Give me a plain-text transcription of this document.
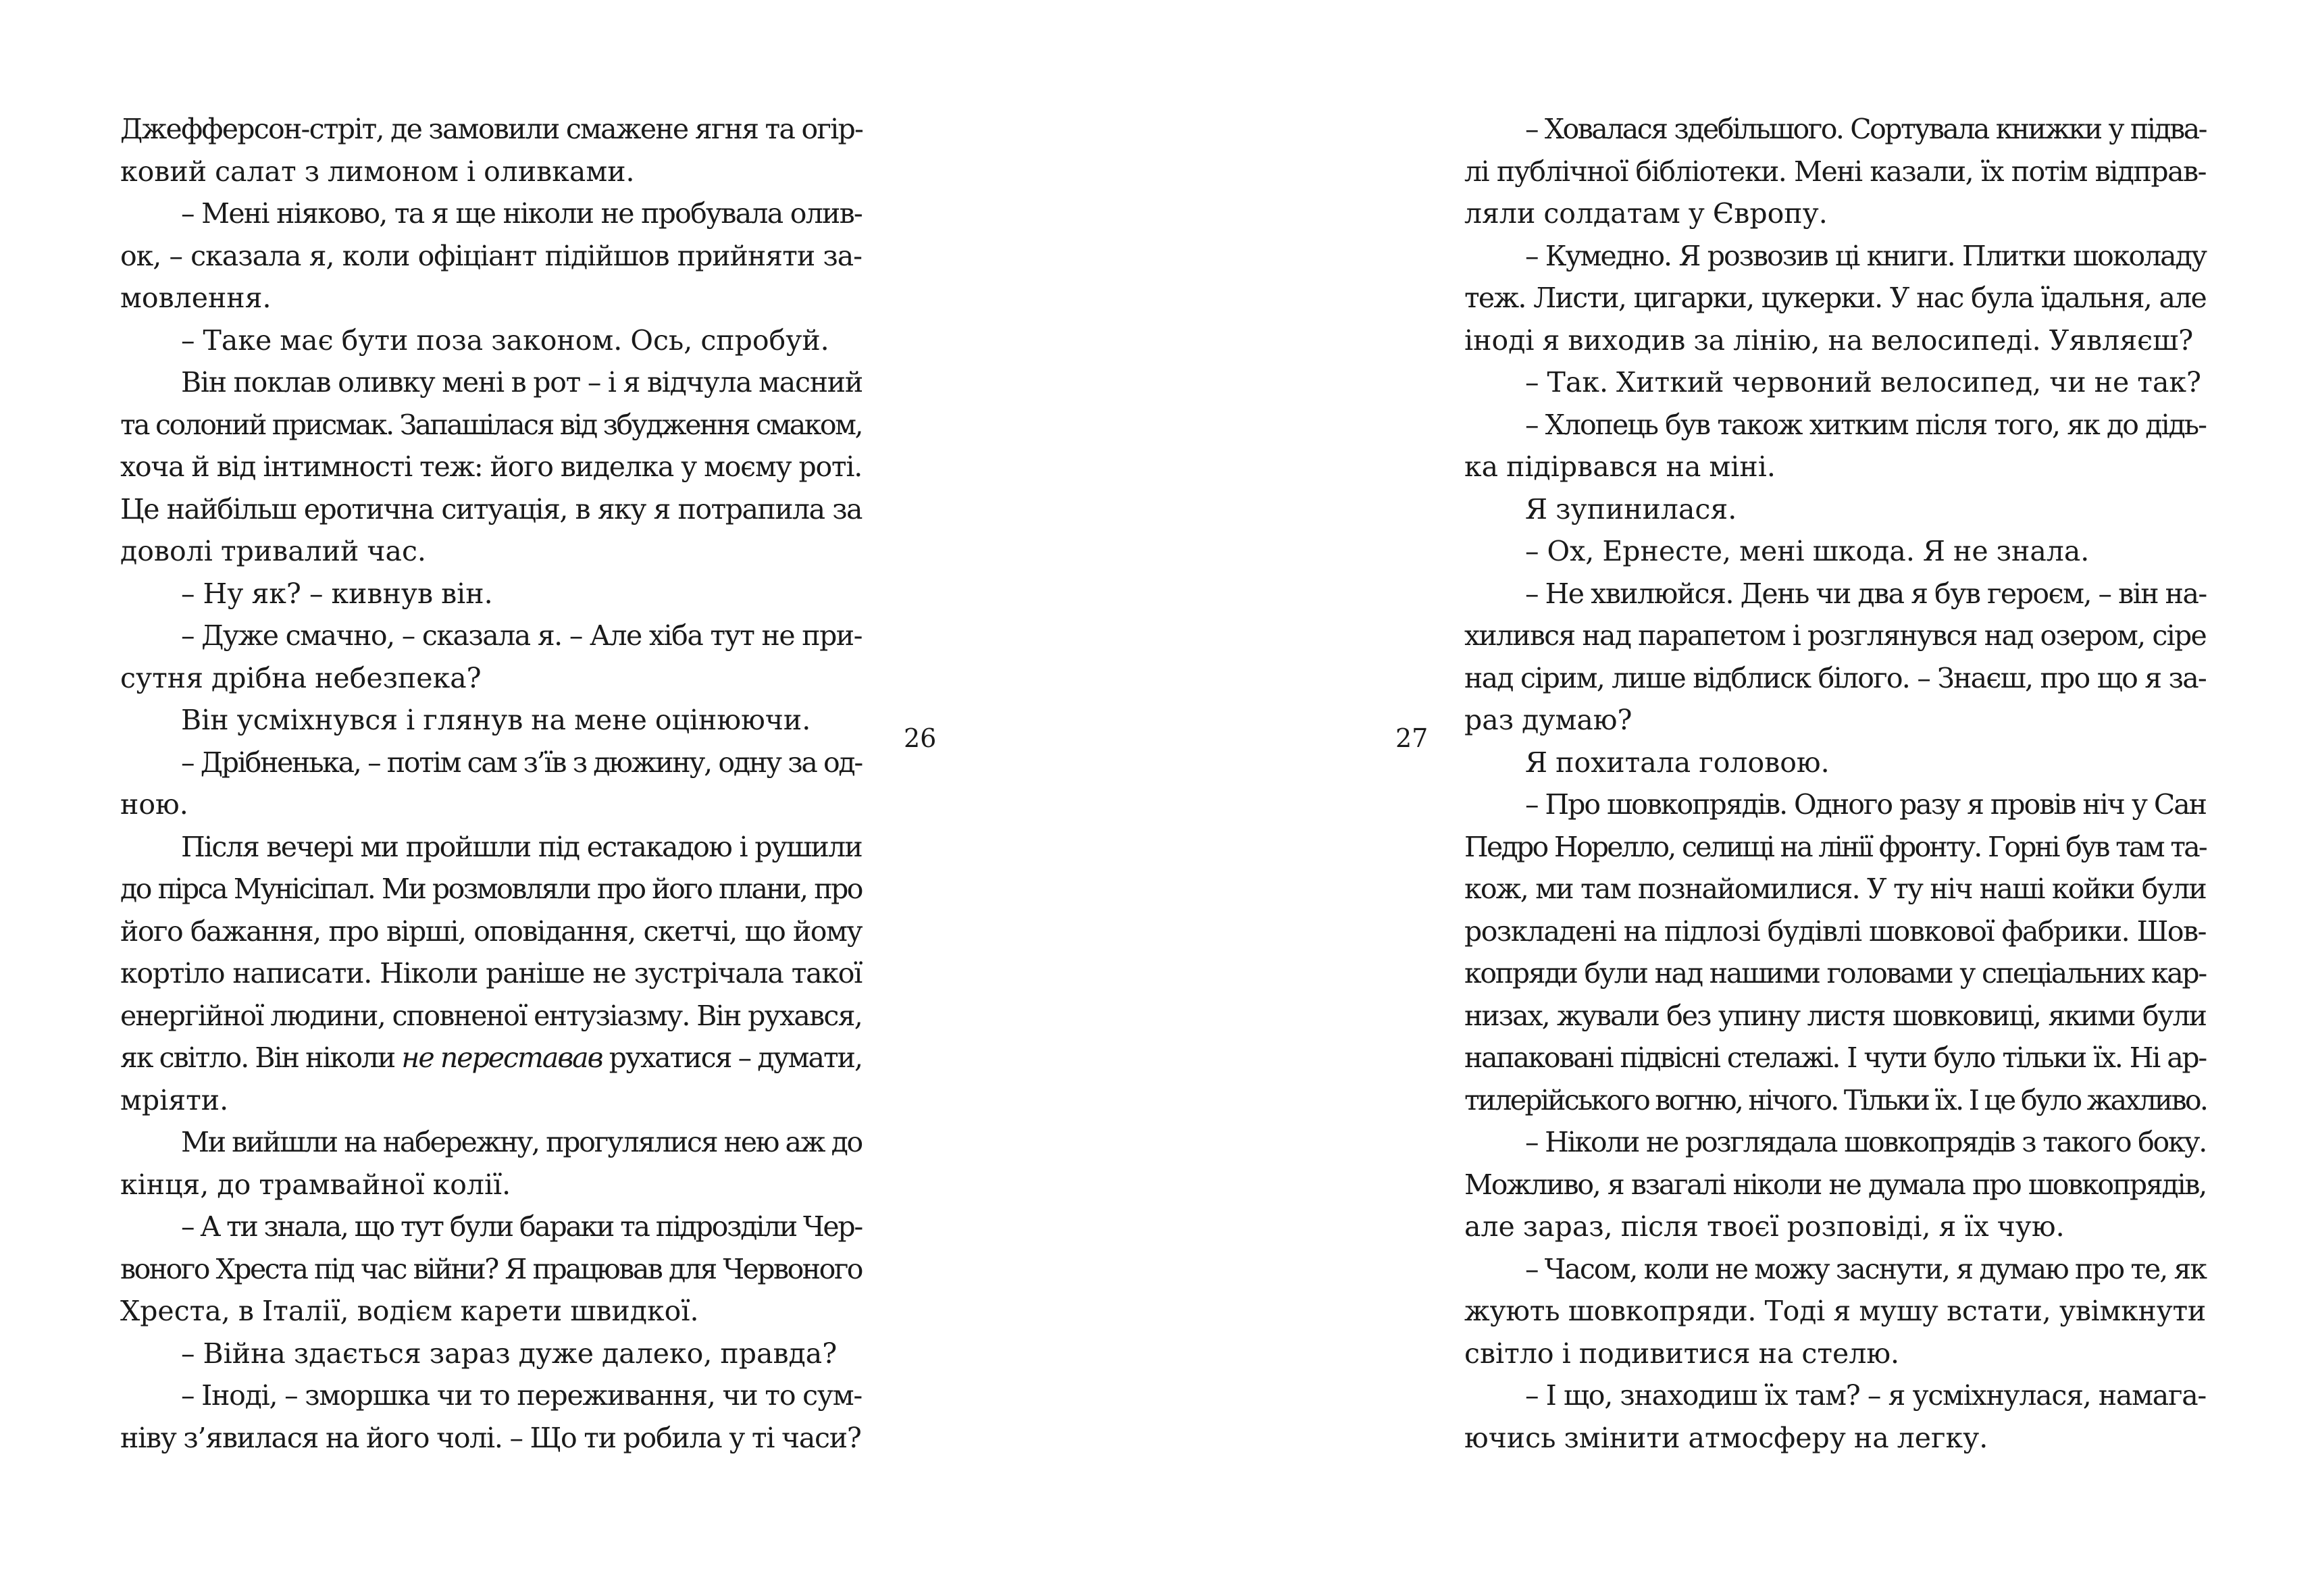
Джефферсон-стріт, де замовили смажене ягня та огір-
ковий салат з лимоном і оливками.
– Мені ніяково, та я ще ніколи не пробувала олив-
ок, – сказала я, коли офіціант підійшов прийняти за-
мовлення.
– Таке має бути поза законом. Ось, спробуй.
Він поклав оливку мені в рот – і я відчула масний
та солоний присмак. Запашілася від збудження смаком,
хоча й від інтимності теж: його виделка у моєму роті.
Це найбільш еротична ситуація, в яку я потрапила за
доволі тривалий час.
– Ну як? – кивнув він.
– Дуже смачно, – сказала я. – Але хіба тут не при-
сутня дрібна небезпека?
Він усміхнувся і глянув на мене оцінюючи.
– Дрібненька, – потім сам з’їв з дюжину, одну за од-
ною.
Після вечері ми пройшли під естакадою і рушили
до пірса Мунісіпал. Ми розмовляли про його плани, про
його бажання, про вірші, оповідання, скетчі, що йому
кортіло написати. Ніколи раніше не зустрічала такої
енергійної людини, сповненої ентузіазму. Він рухався,
як світло. Він ніколи не переставав рухатися – думати,
мріяти.
Ми вийшли на набережну, прогулялися нею аж до
кінця, до трамвайної колії.
– А ти знала, що тут були бараки та підрозділи Чер-
воного Хреста під час війни? Я працював для Червоного
Хреста, в Італії, водієм карети швидкої.
– Війна здається зараз дуже далеко, правда?
– Іноді, – зморшка чи то переживання, чи то сум-
ніву з’явилася на його чолі. – Що ти робила у ті часи?
26
– Ховалася здебільшого. Сортувала книжки у підва-
лі публічної бібліотеки. Мені казали, їх потім відправ-
ляли солдатам у Європу.
– Кумедно. Я розвозив ці книги. Плитки шоколаду
теж. Листи, цигарки, цукерки. У нас була їдальня, але
іноді я виходив за лінію, на велосипеді. Уявляєш?
– Так. Хиткий червоний велосипед, чи не так?
– Хлопець був також хитким після того, як до дідь-
ка підірвався на міні.
Я зупинилася.
– Ох, Ернесте, мені шкода. Я не знала.
– Не хвилюйся. День чи два я був героєм, – він на-
хилився над парапетом і розглянувся над озером, сіре
над сірим, лише відблиск білого. – Знаєш, про що я за-
раз думаю?
Я похитала головою.
– Про шовкопрядів. Одного разу я провів ніч у Сан
Педро Норелло, селищі на лінії фронту. Горні був там та-
кож, ми там познайомилися. У ту ніч наші койки були
розкладені на підлозі будівлі шовкової фабрики. Шов-
копряди були над нашими головами у спеціальних кар-
низах, жували без упину листя шовковиці, якими були
напаковані підвісні стелажі. І чути було тільки їх. Ні ар-
тилерійського вогню, нічого. Тільки їх. І це було жахливо.
– Ніколи не розглядала шовкопрядів з такого боку.
Можливо, я взагалі ніколи не думала про шовкопрядів,
але зараз, після твоєї розповіді, я їх чую.
– Часом, коли не можу заснути, я думаю про те, як
жують шовкопряди. Тоді я мушу встати, увімкнути
світло і подивитися на стелю.
– І що, знаходиш їх там? – я усміхнулася, намага-
ючись змінити атмосферу на легку.
27
